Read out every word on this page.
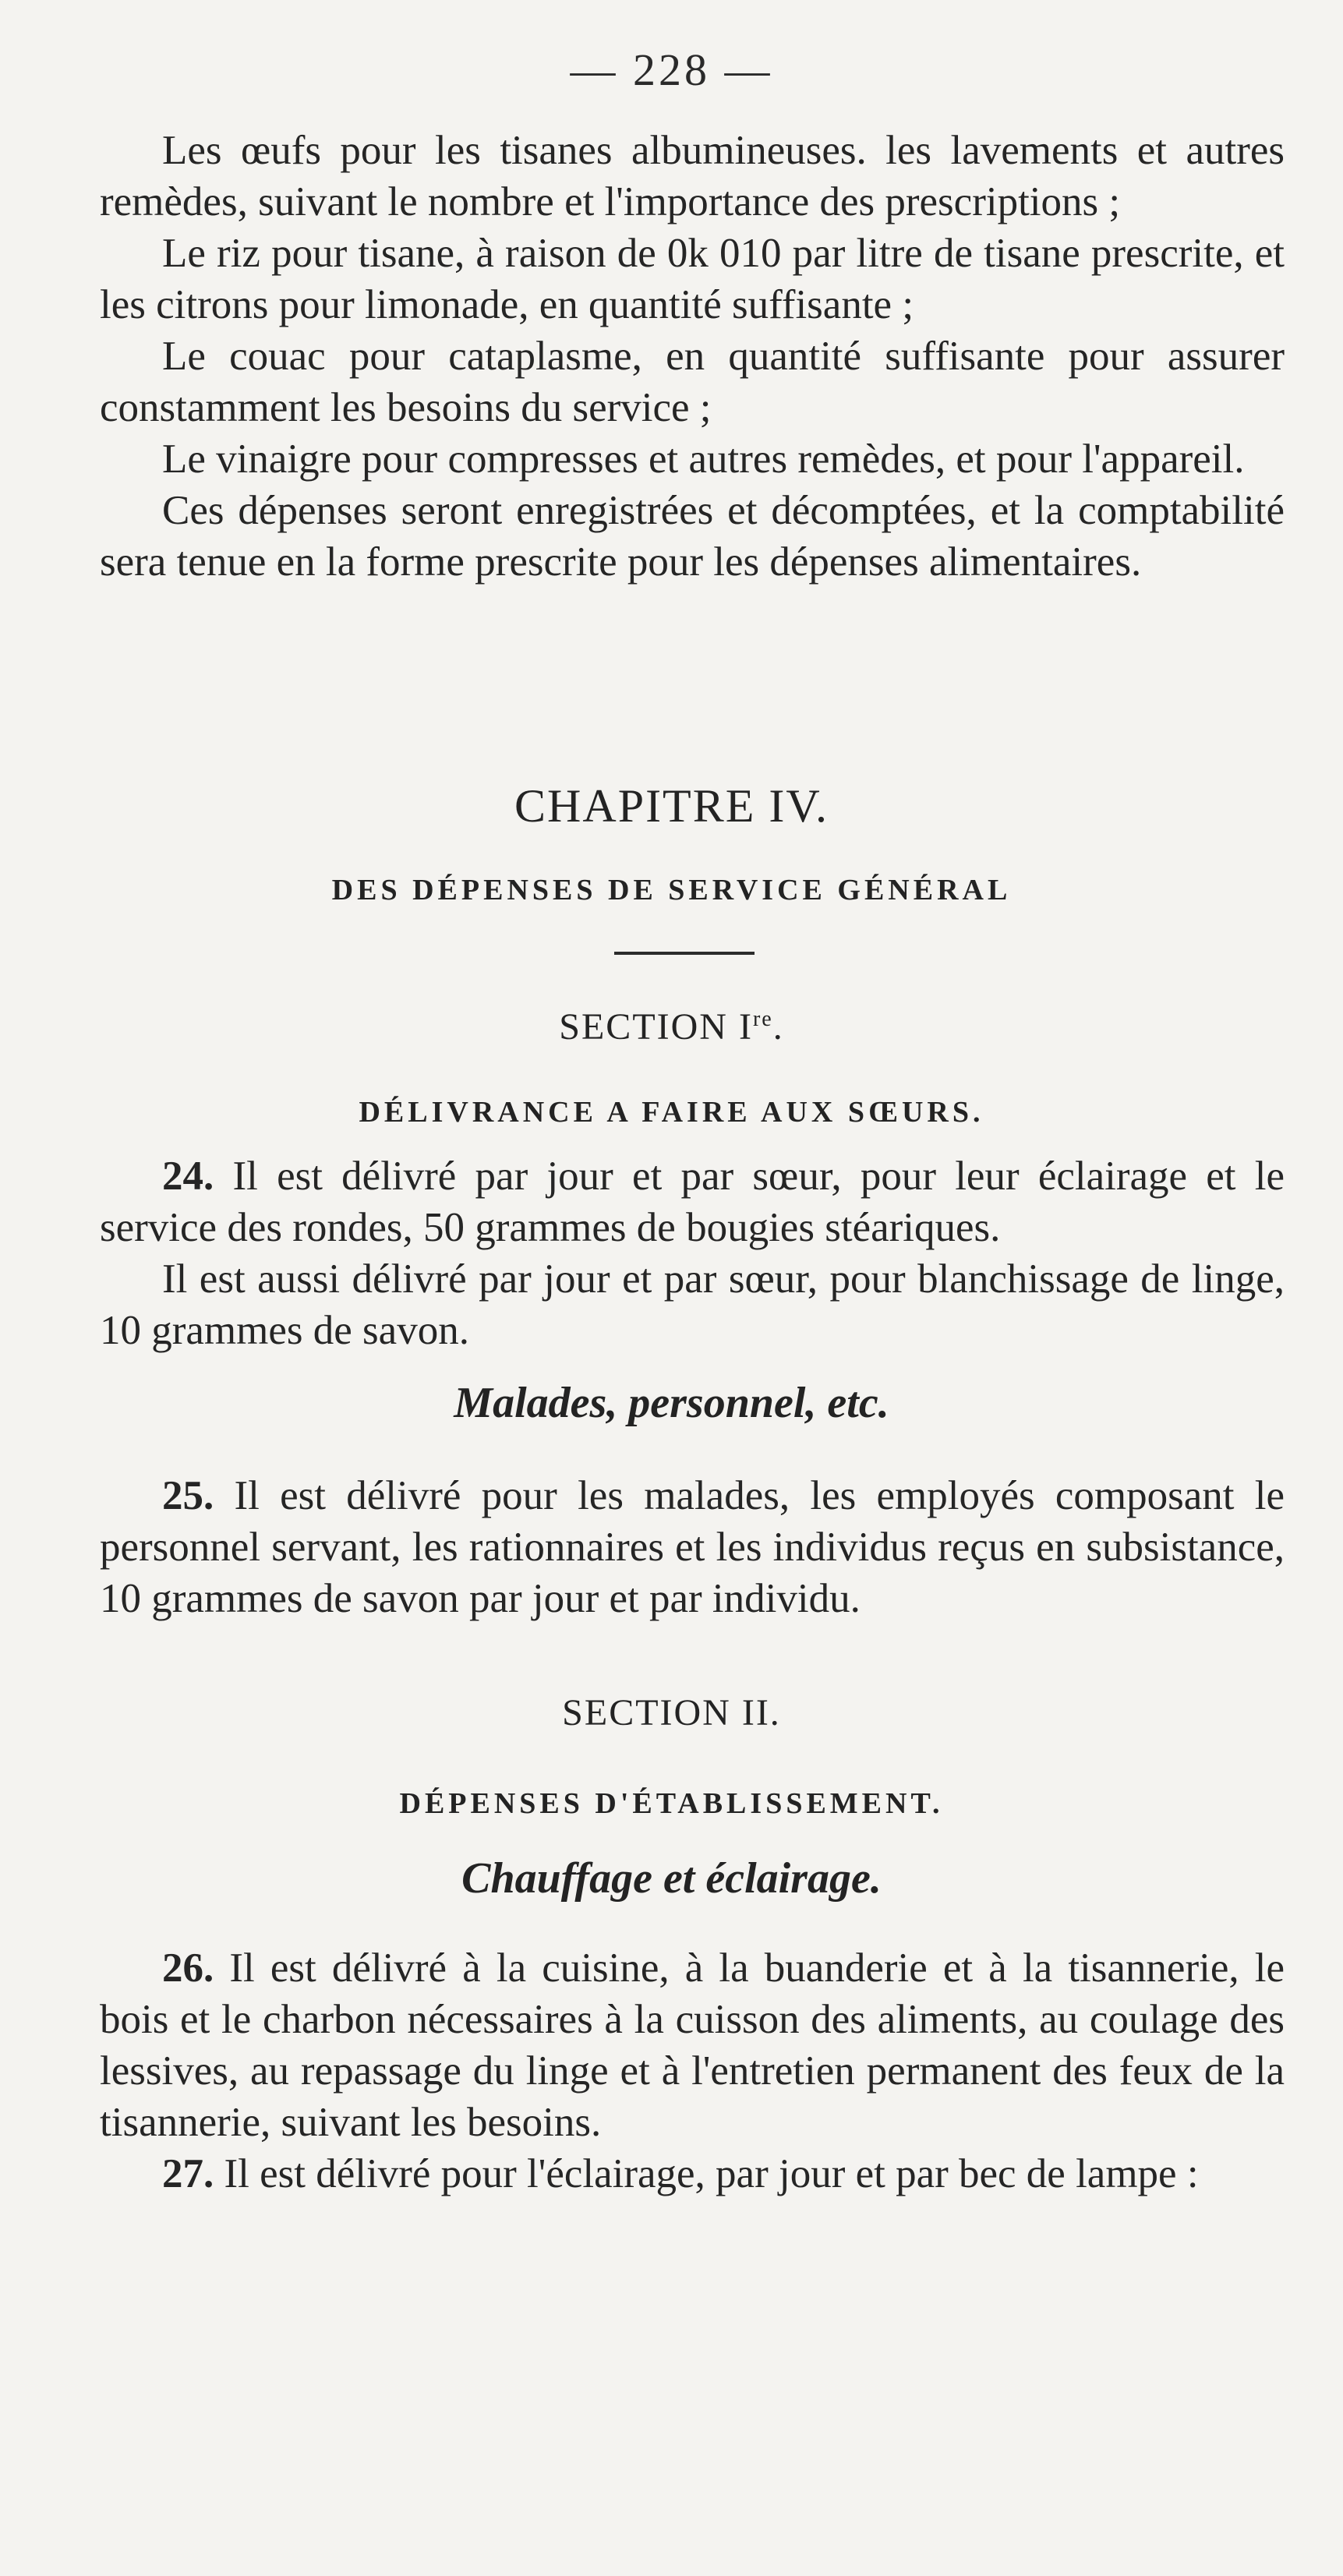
— 228 —

Les œufs pour les tisanes albumineuses. les lavements et autres remèdes, suivant le nombre et l'importance des prescriptions ;

Le riz pour tisane, à raison de 0k 010 par litre de tisane prescrite, et les citrons pour limonade, en quantité suffisante ;

Le couac pour cataplasme, en quantité suffisante pour assurer constamment les besoins du service ;

Le vinaigre pour compresses et autres remèdes, et pour l'appareil.

Ces dépenses seront enregistrées et décomptées, et la comptabilité sera tenue en la forme prescrite pour les dépenses alimentaires.

CHAPITRE IV.
DES DÉPENSES DE SERVICE GÉNÉRAL
SECTION Ire.
DÉLIVRANCE A FAIRE AUX SŒURS.

24. Il est délivré par jour et par sœur, pour leur éclairage et le service des rondes, 50 grammes de bougies stéariques.

Il est aussi délivré par jour et par sœur, pour blanchissage de linge, 10 grammes de savon.

Malades, personnel, etc.

25. Il est délivré pour les malades, les employés composant le personnel servant, les rationnaires et les individus reçus en subsistance, 10 grammes de savon par jour et par individu.

SECTION II.
DÉPENSES D'ÉTABLISSEMENT.
Chauffage et éclairage.

26. Il est délivré à la cuisine, à la buanderie et à la tisannerie, le bois et le charbon nécessaires à la cuisson des aliments, au coulage des lessives, au repassage du linge et à l'entretien permanent des feux de la tisannerie, suivant les besoins.

27. Il est délivré pour l'éclairage, par jour et par bec de lampe :
